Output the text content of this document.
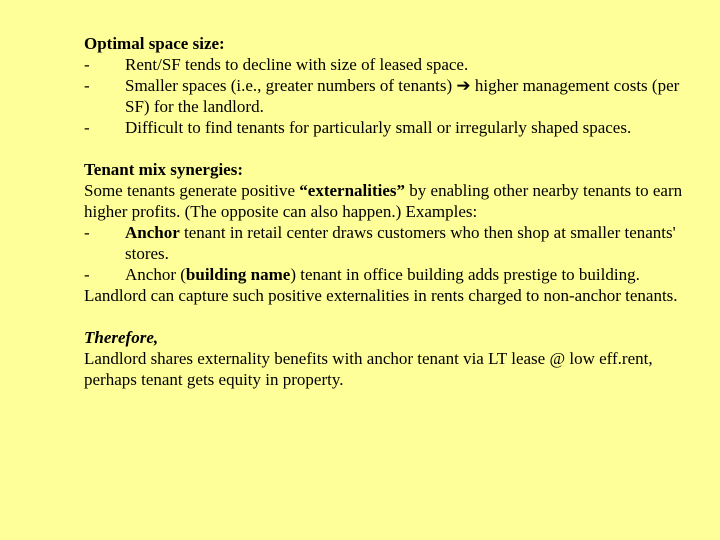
Optimal space size:
-	Rent/SF tends to decline with size of leased space.
-	Smaller spaces (i.e., greater numbers of tenants) ➔ higher management costs (per SF) for the landlord.
-	Difficult to find tenants for particularly small or irregularly shaped spaces.
Tenant mix synergies:
Some tenants generate positive “externalities” by enabling other nearby tenants to earn higher profits. (The opposite can also happen.) Examples:
-	Anchor tenant in retail center draws customers who then shop at smaller tenants' stores.
-	Anchor (building name) tenant in office building adds prestige to building.
Landlord can capture such positive externalities in rents charged to non-anchor tenants.
Therefore,
Landlord shares externality benefits with anchor tenant via LT lease @ low eff.rent, perhaps tenant gets equity in property.
